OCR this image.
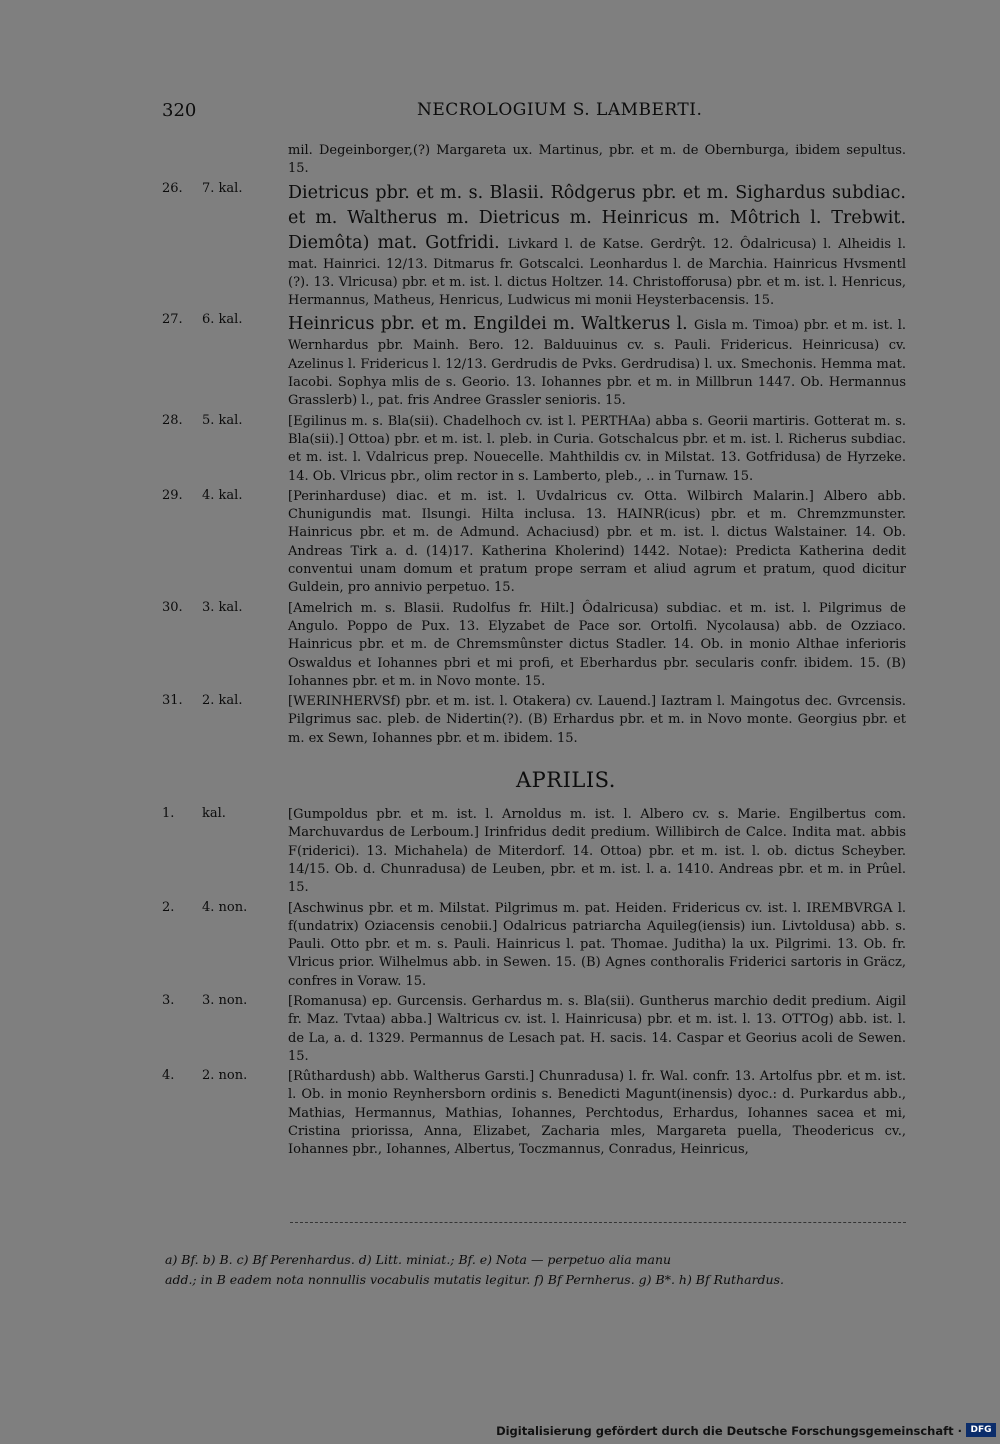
320	NECROLOGIUM S. LAMBERTI.
mil. Degeinborger,(?) Margareta ux. Martinus, pbr. et m. de Obernburga, ibidem sepultus. 15.
26. 7. kal.	Dietricus pbr. et m. s. Blasii. Rôdgerus pbr. et m. Sighardus subdiac. et m. Waltherus m. Dietricus m. Heinricus m. Môtrich l. Trebwit. Diemôta) mat. Gotfridi. Livkard l. de Katse. Gerdrŷt. 12. Ôdalricusa) l. Alheidis l. mat. Hainrici. 12/13. Ditmarus fr. Gotscalci. Leonhardus l. de Marchia. Hainricus Hvsmentl (?). 13. Vlricusa) pbr. et m. ist. l. dictus Holtzer. 14. Christofforusa) pbr. et m. ist. l. Henricus, Hermannus, Matheus, Henricus, Ludwicus mi monii Heysterbacensis. 15.
27. 6. kal.	Heinricus pbr. et m. Engildei m. Waltkerus l. Gisla m. Timoa) pbr. et m. ist. l. Wernhardus pbr. Mainh. Bero. 12. Balduuinus cv. s. Pauli. Fridericus. Heinricusa) cv. Azelinus l. Fridericus l. 12/13. Gerdrudis de Pvks. Gerdrudisa) l. ux. Smechonis. Hemma mat. Iacobi. Sophya mlis de s. Georio. 13. Iohannes pbr. et m. in Millbrun 1447. Ob. Hermannus Grasslerb) l., pat. fris Andree Grassler senioris. 15.
28. 5. kal.	[Egilinus m. s. Bla(sii). Chadelhoch cv. ist l. PERTHAa) abba s. Georii martiris. Gotterat m. s. Bla(sii).] Ottoa) pbr. et m. ist. l. pleb. in Curia. Gotschalcus pbr. et m. ist. l. Richerus subdiac. et m. ist. l. Vdalricus prep. Nouecelle. Mahthildis cv. in Milstat. 13. Gotfridusa) de Hyrzeke. 14. Ob. Vlricus pbr., olim rector in s. Lamberto, pleb., .. in Turnaw. 15.
29. 4. kal.	[Perinharduse) diac. et m. ist. l. Uvdalricus cv. Otta. Wilbirch Malarin.] Albero abb. Chunigundis mat. Ilsungi. Hilta inclusa. 13. HAINR(icus) pbr. et m. Chremzmunster. Hainricus pbr. et m. de Admund. Achaciusd) pbr. et m. ist. l. dictus Walstainer. 14. Ob. Andreas Tirk a. d. (14)17. Katherina Kholerind) 1442. Notae): Predicta Katherina dedit conventui unam domum et pratum prope serram et aliud agrum et pratum, quod dicitur Guldein, pro annivio perpetuo. 15.
30. 3. kal.	[Amelrich m. s. Blasii. Rudolfus fr. Hilt.] Ôdalricusa) subdiac. et m. ist. l. Pilgrimus de Angulo. Poppo de Pux. 13. Elyzabet de Pace sor. Ortolfi. Nycolausa) abb. de Ozziaco. Hainricus pbr. et m. de Chremsmûnster dictus Stadler. 14. Ob. in monio Althae inferioris Oswaldus et Iohannes pbri et mi profi, et Eberhardus pbr. secularis confr. ibidem. 15. (B) Iohannes pbr. et m. in Novo monte. 15.
31. 2. kal.	[WERINHERVSf) pbr. et m. ist. l. Otakera) cv. Lauend.] Iaztram l. Maingotus dec. Gvrcensis. Pilgrimus sac. pleb. de Nidertin(?). (B) Erhardus pbr. et m. in Novo monte. Georgius pbr. et m. ex Sewn, Iohannes pbr. et m. ibidem. 15.
APRILIS.
1. kal.	[Gumpoldus pbr. et m. ist. l. Arnoldus m. ist. l. Albero cv. s. Marie. Engilbertus com. Marchuvardus de Lerboum.] Irinfridus dedit predium. Willibirch de Calce. Indita mat. abbis F(riderici). 13. Michahela) de Miterdorf. 14. Ottoa) pbr. et m. ist. l. ob. dictus Scheyber. 14/15. Ob. d. Chunradusa) de Leuben, pbr. et m. ist. l. a. 1410. Andreas pbr. et m. in Prûel. 15.
2. 4. non.	[Aschwinus pbr. et m. Milstat. Pilgrimus m. pat. Heiden. Fridericus cv. ist. l. IREMBVRGA l. f(undatrix) Oziacensis cenobii.] Odalricus patriarcha Aquileg(iensis) iun. Livtoldusa) abb. s. Pauli. Otto pbr. et m. s. Pauli. Hainricus l. pat. Thomae. Juditha) la ux. Pilgrimi. 13. Ob. fr. Vlricus prior. Wilhelmus abb. in Sewen. 15. (B) Agnes conthoralis Friderici sartoris in Gräcz, confres in Voraw. 15.
3. 3. non.	[Romanusa) ep. Gurcensis. Gerhardus m. s. Bla(sii). Guntherus marchio dedit predium. Aigil fr. Maz. Tvtaa) abba.] Waltricus cv. ist. l. Hainricusa) pbr. et m. ist. l. 13. OTTOg) abb. ist. l. de La, a. d. 1329. Permannus de Lesach pat. H. sacis. 14. Caspar et Georius acoli de Sewen. 15.
4. 2. non.	[Rûthardush) abb. Waltherus Garsti.] Chunradusa) l. fr. Wal. confr. 13. Artolfus pbr. et m. ist. l. Ob. in monio Reynhersborn ordinis s. Benedicti Magunt(inensis) dyoc.: d. Purkardus abb., Mathias, Hermannus, Mathias, Iohannes, Perchtodus, Erhardus, Iohannes sacea et mi, Cristina priorissa, Anna, Elizabet, Zacharia mles, Margareta puella, Theodericus cv., Iohannes pbr., Iohannes, Albertus, Toczmannus, Conradus, Heinricus,
a) Bf. b) B. c) Bf Perenhardus. d) Litt. miniat.; Bf. e) Nota — perpetuo alia manu
add.; in B eadem nota nonnullis vocabulis mutatis legitur. f) Bf Pernherus. g) B*. h) Bf Ruthardus.
Digitalisierung gefördert durch die Deutsche Forschungsgemeinschaft · DFG
